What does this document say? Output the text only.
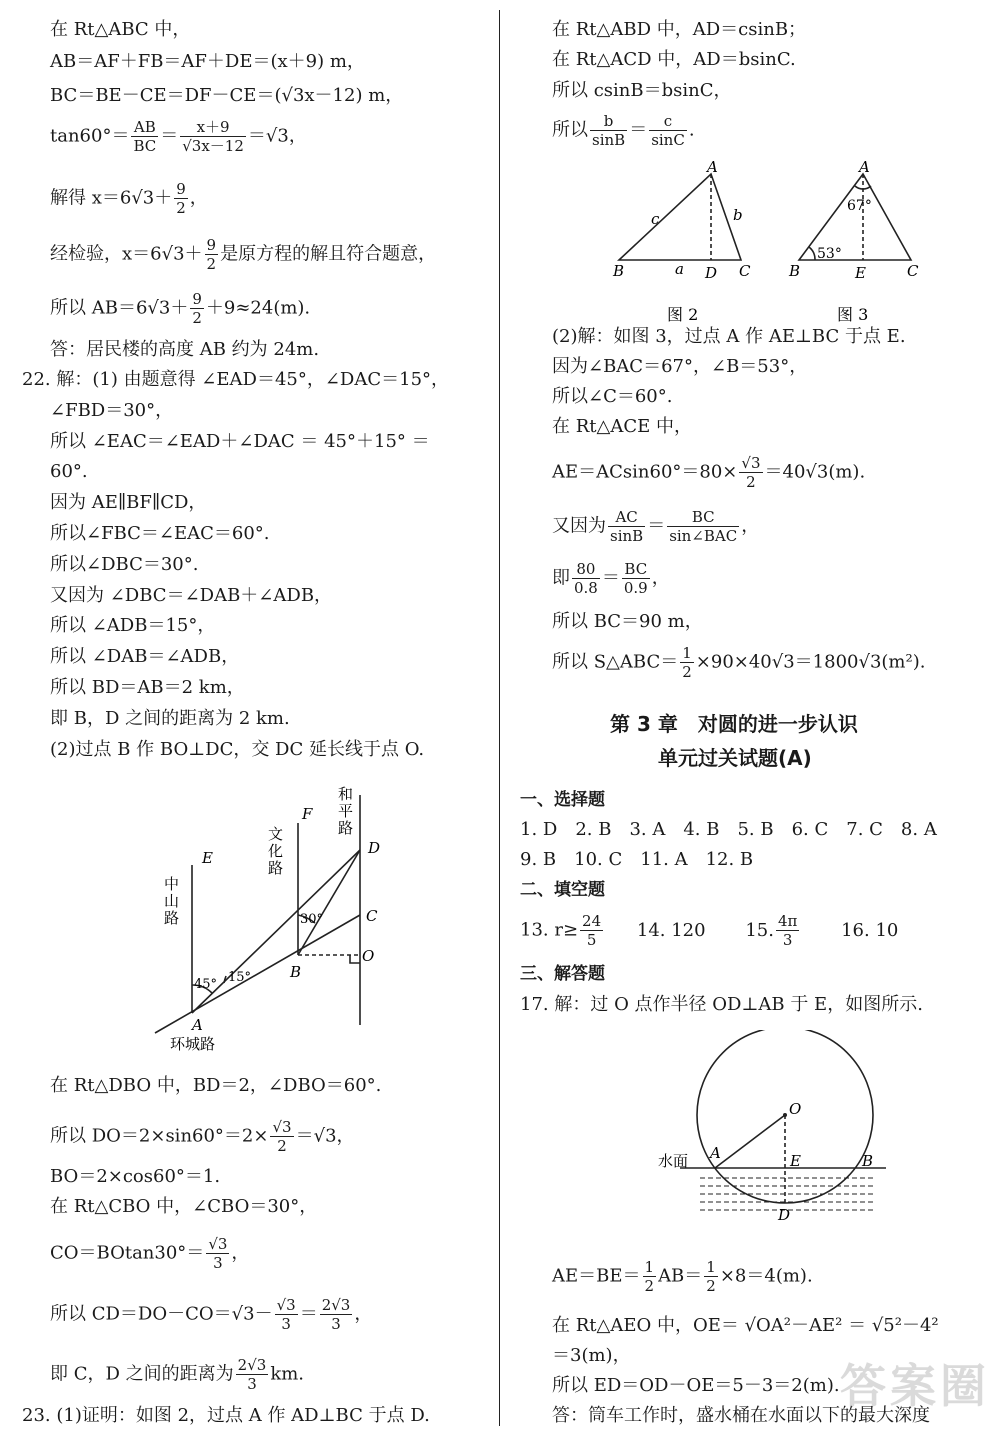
在 Rt△ABC 中，
AB＝AF＋FB＝AF＋DE＝(x＋9) m，
BC＝BE－CE＝DF－CE＝(√3x－12) m，
$\tan 60^\circ= \frac{AB}{BC} = \frac{x+9}{√3x-12} =√3$，
解得 $x=6√3+ \frac{9}{2}$ ，
经检验，$x=6√3+ \frac{9}{2}$ 是原方程的解且符合题意，
所以 $AB=6√3+ \frac{9}{2} +9\approx 24(m)$.
答：居民楼的高度 AB 约为 24m.
22. 解：(1) 由题意得 ∠EAD＝45°，∠DAC＝15°，
∠FBD＝30°，
所以 ∠EAC＝∠EAD＋∠DAC ＝ 45°＋15° ＝
60°.
因为 AE∥BF∥CD，
所以∠FBC＝∠EAC＝60°.
所以∠DBC＝30°.
又因为 ∠DBC＝∠DAB＋∠ADB，
所以 ∠ADB＝15°，
所以 ∠DAB＝∠ADB，
所以 BD＝AB＝2 km，
即 B，D 之间的距离为 2 km.
(2)过点 B 作 BO⊥DC，交 DC 延长线于点 O.
E
F
D
C
O
B
A
45° 15°
30°
环城路
和平路
文化路
中山路
在 Rt△DBO 中，BD＝2，∠DBO＝60°.
所以 $DO=2\times\sin 60^\circ=2\times \frac{√3}{2} =√3$，
BO＝2×cos60°＝1.
在 Rt△CBO 中，∠CBO＝30°，
$CO=BOtan30^\circ= \frac{√3}{3}$ ，
所以 $CD=DO-CO=√3- \frac{√3}{3} = \frac{2√3}{3}$ ，
即 C，D 之间的距离为 $\frac{2√3}{3}$ km.
23. (1)证明：如图 2，过点 A 作 AD⊥BC 于点 D.
在 Rt△ABD 中，AD＝csinB；
在 Rt△ACD 中，AD＝bsinC.
所以 csinB＝bsinC，
所以 $\frac{b}{\sin B} = \frac{c}{\sin C}$ .
A
B	C
D
a
b
c
图 2
A
B	C
E
67°
53°
图 3
(2)解：如图 3，过点 A 作 AE⊥BC 于点 E.
因为∠BAC＝67°，∠B＝53°，
所以∠C＝60°.
在 Rt△ACE 中，
$AE=ACsin60^\circ=80\times \frac{√3}{2} =40√3(m)$.
又因为 $\frac{AC}{\sin B} = \frac{BC}{\text{sin∠BAC}}$ ，
即 $\frac{80}{0.8} = \frac{BC}{0.9}$ ，
所以 BC＝90 m，
所以 S△ABC＝ $\frac{1}{2} \times 90\times 40√3=1800√3(m^2)$.
第 3 章　对圆的进一步认识
单元过关试题(A)
一、选择题
1. D　2. B　3. A　4. B　5. B　6. C　7. C　8. A
9. B　10. C　11. A　12. B
二、填空题
13. $r\ge \frac{24}{5} 14$. 120 15. $\frac{4\pi}{3} 16$. 10
三、解答题
17. 解：过 O 点作半径 OD⊥AB 于 E，如图所示.
O
A	B
E
D
水面
$AE=BE= \frac{1}{2} AB= \frac{1}{2} \times 8=4(m)$.
在 Rt△AEO 中，OE＝ √OA²－AE² ＝ √5²－4²
＝3(m)，
所以 ED＝OD－OE＝5－3＝2(m).
答：筒车工作时，盛水桶在水面以下的最大深度
答案圈
